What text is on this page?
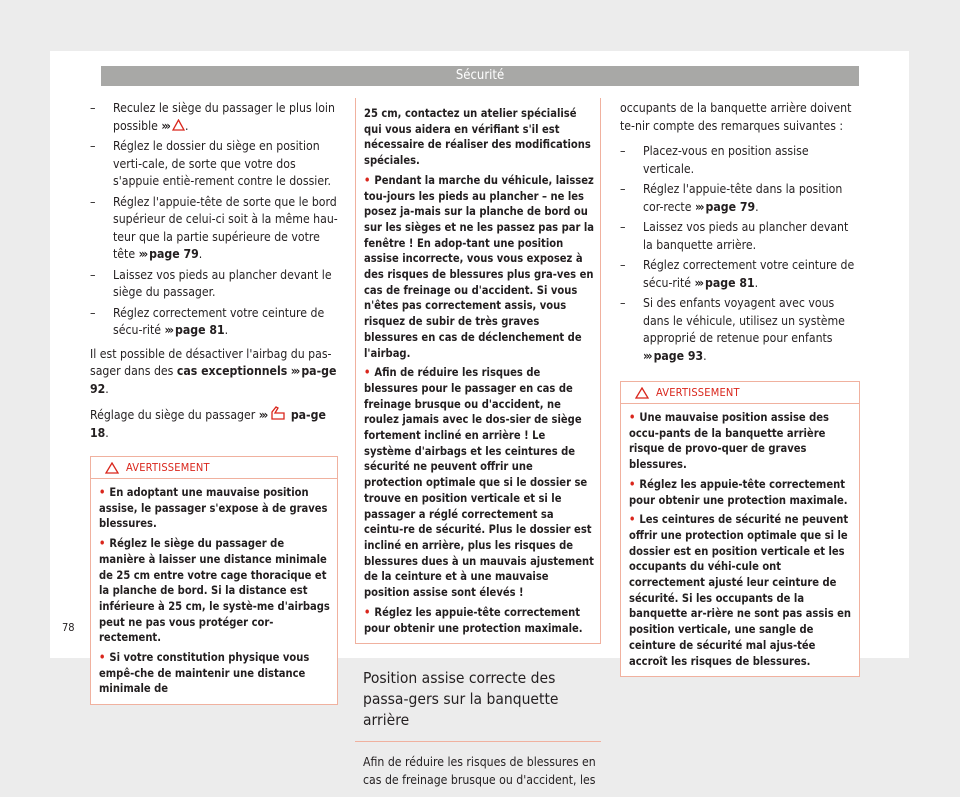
Sécurité
– Reculez le siège du passager le plus loin possible ››› .
– Réglez le dossier du siège en position verti-cale, de sorte que votre dos s'appuie entiè-rement contre le dossier.
– Réglez l'appuie-tête de sorte que le bord supérieur de celui-ci soit à la même hau-teur que la partie supérieure de votre tête ››› page 79.
– Laissez vos pieds au plancher devant le siège du passager.
– Réglez correctement votre ceinture de sécu-rité ››› page 81.

Il est possible de désactiver l'airbag du pas-sager dans des cas exceptionnels ››› pa-ge 92.

Réglage du siège du passager ››› pa-ge 18.

AVERTISSEMENT
• En adoptant une mauvaise position assise, le passager s'expose à de graves blessures.
• Réglez le siège du passager de manière à laisser une distance minimale de 25 cm entre votre cage thoracique et la planche de bord. Si la distance est inférieure à 25 cm, le systè-me d'airbags peut ne pas vous protéger cor-rectement.
• Si votre constitution physique vous empê-che de maintenir une distance minimale de
25 cm, contactez un atelier spécialisé qui vous aidera en vérifiant s'il est nécessaire de réaliser des modifications spéciales.
• Pendant la marche du véhicule, laissez tou-jours les pieds au plancher – ne les posez ja-mais sur la planche de bord ou sur les sièges et ne les passez pas par la fenêtre ! En adop-tant une position assise incorrecte, vous vous exposez à des risques de blessures plus gra-ves en cas de freinage ou d'accident. Si vous n'êtes pas correctement assis, vous risquez de subir de très graves blessures en cas de déclenchement de l'airbag.
• Afin de réduire les risques de blessures pour le passager en cas de freinage brusque ou d'accident, ne roulez jamais avec le dos-sier de siège fortement incliné en arrière ! Le système d'airbags et les ceintures de sécurité ne peuvent offrir une protection optimale que si le dossier se trouve en position verticale et si le passager a réglé correctement sa ceintu-re de sécurité. Plus le dossier est incliné en arrière, plus les risques de blessures dues à un mauvais ajustement de la ceinture et à une mauvaise position assise sont élevés !
• Réglez les appuie-tête correctement pour obtenir une protection maximale.
Position assise correcte des passa-gers sur la banquette arrière

Afin de réduire les risques de blessures en cas de freinage brusque ou d'accident, les

occupants de la banquette arrière doivent te-nir compte des remarques suivantes :

– Placez-vous en position assise verticale.
– Réglez l'appuie-tête dans la position cor-recte ››› page 79.
– Laissez vos pieds au plancher devant la banquette arrière.
– Réglez correctement votre ceinture de sécu-rité ››› page 81.
– Si des enfants voyagent avec vous dans le véhicule, utilisez un système approprié de retenue pour enfants ››› page 93.
AVERTISSEMENT
• Une mauvaise position assise des occu-pants de la banquette arrière risque de provo-quer de graves blessures.
• Réglez les appuie-tête correctement pour obtenir une protection maximale.
• Les ceintures de sécurité ne peuvent offrir une protection optimale que si le dossier est en position verticale et les occupants du véhi-cule ont correctement ajusté leur ceinture de sécurité. Si les occupants de la banquette ar-rière ne sont pas assis en position verticale, une sangle de ceinture de sécurité mal ajus-tée accroît les risques de blessures.
78
